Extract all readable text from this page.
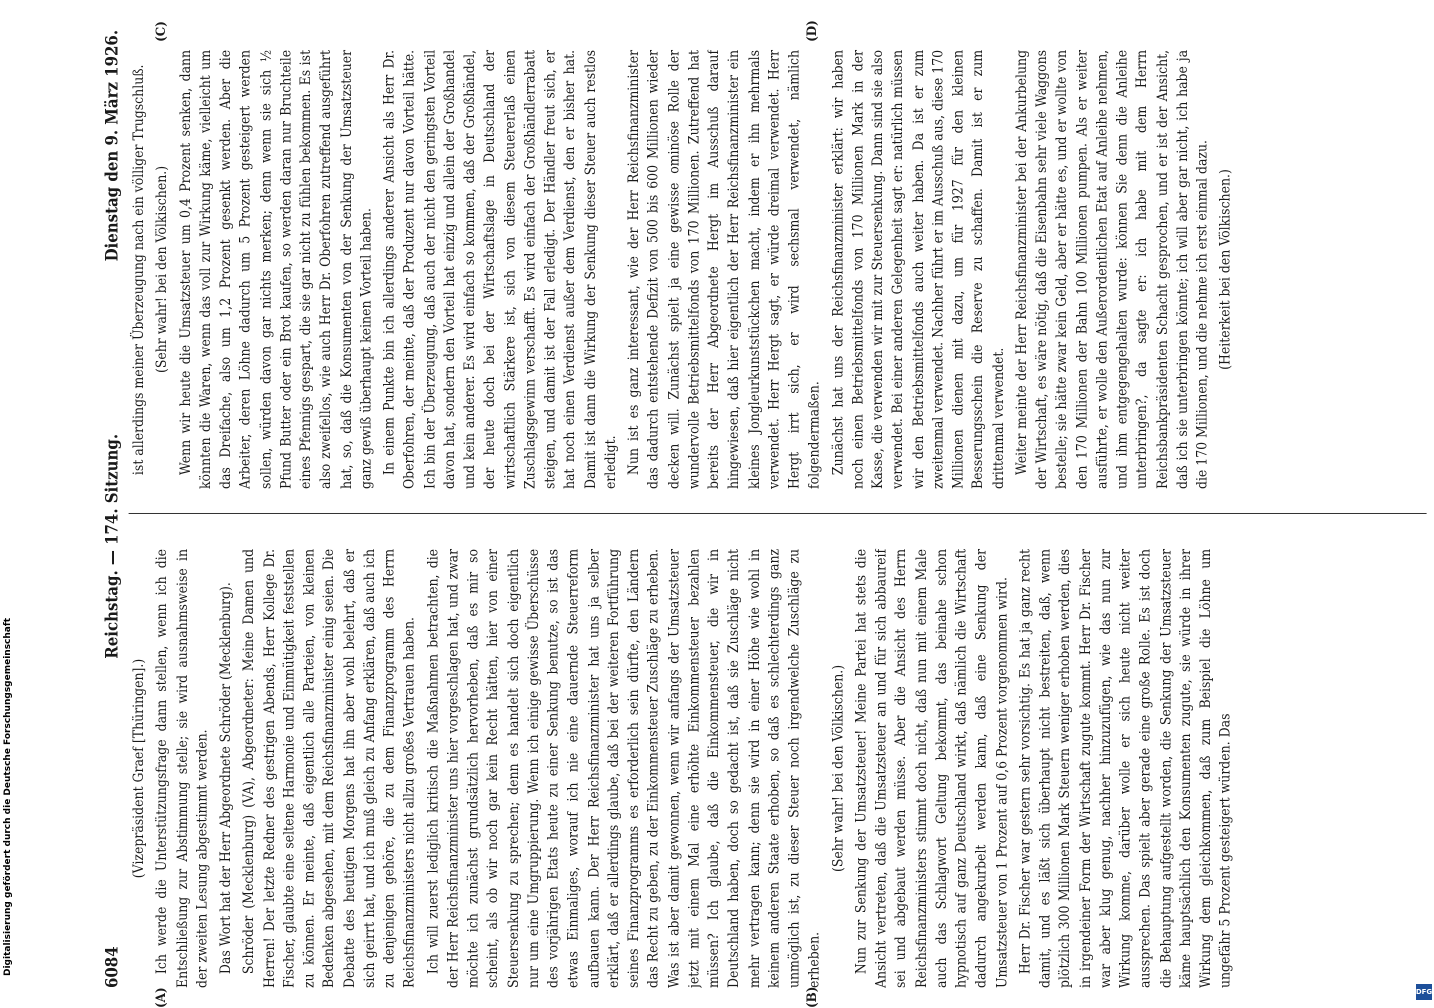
Digitalisierung gefördert durch die Deutsche Forschungsgemeinschaft
DFG
6084
Reichstag. — 174. Sitzung.
Dienstag den 9. März 1926.
(A)	(B)
(C)	(D)

(Vizepräsident Graef [Thüringen].) Ich werde die Unterstützungsfrage dann stellen, wenn ich die Entschließung zur Abstimmung stelle; sie wird ausnahmsweise in der zweiten Lesung abgestimmt werden. Das Wort hat der Herr Abgeordnete Schröder (Mecklenburg). Schröder (Mecklenburg) (VA), Abgeordneter: Meine Damen und Herren! Der letzte Redner des gestrigen Abends, Herr Kollege Dr. Fischer, glaubte eine seltene Harmonie und Einmütigkeit feststellen zu können. Er meinte, daß eigentlich alle Parteien, von kleinen Bedenken abgesehen, mit dem Reichsfinanzminister einig seien. Die Debatte des heutigen Morgens hat ihn aber wohl belehrt, daß er sich geirrt hat, und ich muß gleich zu Anfang erklären, daß auch ich zu denjenigen gehöre, die zu dem Finanzprogramm des Herrn Reichsfinanzministers nicht allzu großes Vertrauen haben. Ich will zuerst lediglich kritisch die Maßnahmen betrachten, die der Herr Reichsfinanzminister uns hier vorgeschlagen hat, und zwar möchte ich zunächst grundsätzlich hervorheben, daß es mir so scheint, als ob wir noch gar kein Recht hätten, hier von einer Steuersenkung zu sprechen; denn es handelt sich doch eigentlich nur um eine Umgruppierung. Wenn ich einige gewisse Überschüsse des vorjährigen Etats heute zu einer Senkung benutze, so ist das etwas Einmaliges, worauf ich nie eine dauernde Steuerreform aufbauen kann. Der Herr Reichsfinanzminister hat uns ja selber erklärt, daß er allerdings glaube, daß bei der weiteren Fortführung seines Finanzprogramms es erforderlich sein dürfte, den Ländern das Recht zu geben, zu der Einkommensteuer Zuschläge zu erheben. Was ist aber damit gewonnen, wenn wir anfangs der Umsatzsteuer jetzt mit einem Mal eine erhöhte Einkommensteuer bezahlen müssen? Ich glaube, daß die Einkommensteuer, die wir in Deutschland haben, doch so gedacht ist, daß sie Zuschläge nicht mehr vertragen kann; denn sie wird in einer Höhe wie wohl in keinem anderen Staate erhoben, so daß es schlechterdings ganz unmöglich ist, zu dieser Steuer noch irgendwelche Zuschläge zu erheben.

(Sehr wahr! bei den Völkischen.) Nun zur Senkung der Umsatzsteuer! Meine Partei hat stets die Ansicht vertreten, daß die Umsatzsteuer an und für sich abbaureif sei und abgebaut werden müsse. Aber die Ansicht des Herrn Reichsfinanzministers stimmt doch nicht, daß nun mit einem Male auch das Schlagwort Geltung bekommt, das beinahe schon hypnotisch auf ganz Deutschland wirkt, daß nämlich die Wirtschaft dadurch angekurbelt werden kann, daß eine Senkung der Umsatzsteuer von 1 Prozent auf 0,6 Prozent vorgenommen wird. Herr Dr. Fischer war gestern sehr vorsichtig. Es hat ja ganz recht damit, und es läßt sich überhaupt nicht bestreiten, daß, wenn plötzlich 300 Millionen Mark Steuern weniger erhoben werden, dies in irgendeiner Form der Wirtschaft zugute kommt. Herr Dr. Fischer war aber klug genug, nachher hinzuzufügen, wie das nun zur Wirkung komme, darüber wolle er sich heute nicht weiter aussprechen. Das spielt aber gerade eine große Rolle. Es ist doch die Behauptung aufgestellt worden, die Senkung der Umsatzsteuer käme hauptsächlich den Konsumenten zugute, sie würde in ihrer Wirkung dem gleichkommen, daß zum Beispiel die Löhne um ungefähr 5 Prozent gesteigert würden. Das

ist allerdings meiner Überzeugung nach ein völliger Trugschluß. (Sehr wahr! bei den Völkischen.) Wenn wir heute die Umsatzsteuer um 0,4 Prozent senken, dann könnten die Waren, wenn das voll zur Wirkung käme, vielleicht um das Dreifache, also um 1,2 Prozent gesenkt werden. Aber die Arbeiter, deren Löhne dadurch um 5 Prozent gesteigert werden sollen, würden davon gar nichts merken; denn wenn sie sich ½ Pfund Butter oder ein Brot kaufen, so werden daran nur Bruchteile eines Pfennigs gespart, die sie gar nicht zu fühlen bekommen. Es ist also zweifellos, wie auch Herr Dr. Oberfohren zutreffend ausgeführt hat, so, daß die Konsumenten von der Senkung der Umsatzsteuer ganz gewiß überhaupt keinen Vorteil haben. In einem Punkte bin ich allerdings anderer Ansicht als Herr Dr. Oberfohren, der meinte, daß der Produzent nur davon Vorteil hätte. Ich bin der Überzeugung, daß auch der nicht den geringsten Vorteil davon hat, sondern den Vorteil hat einzig und allein der Großhandel und kein anderer. Es wird einfach so kommen, daß der Großhändel, der heute doch bei der Wirtschaftslage in Deutschland der wirtschaftlich Stärkere ist, sich von diesem Steuererlaß einen Zuschlagsgewinn verschafft. Es wird einfach der Großhändlerrabatt steigen, und damit ist der Fall erledigt. Der Händler freut sich, er hat noch einen Verdienst außer dem Verdienst, den er bisher hat. Damit ist dann die Wirkung der Senkung dieser Steuer auch restlos erledigt. Nun ist es ganz interessant, wie der Herr Reichsfinanzminister das dadurch entstehende Defizit von 500 bis 600 Millionen wieder decken will. Zunächst spielt ja eine gewisse ominöse Rolle der wundervolle Betriebsmittelfonds von 170 Millionen. Zutreffend hat bereits der Herr Abgeordnete Hergt im Ausschuß darauf hingewiesen, daß hier eigentlich der Herr Reichsfinanzminister ein kleines Jongleurkunststückchen macht, indem er ihn mehrmals verwendet. Herr Hergt sagt, er würde dreimal verwendet. Herr Hergt irrt sich, er wird sechsmal verwendet, nämlich folgendermaßen. Zunächst hat uns der Reichsfinanzminister erklärt: wir haben noch einen Betriebsmittelfonds von 170 Millionen Mark in der Kasse, die verwenden wir mit zur Steuersenkung. Dann sind sie also verwendet. Bei einer anderen Gelegenheit sagt er: natürlich müssen wir den Betriebsmittelfonds auch weiter haben. Da ist er zum zweitenmal verwendet. Nachher führt er im Ausschuß aus, diese 170 Millionen dienen mit dazu, um für 1927 für den kleinen Besserungsschein die Reserve zu schaffen. Damit ist er zum drittenmal verwendet. Weiter meinte der Herr Reichsfinanzminister bei der Ankurbelung der Wirtschaft, es wäre nötig, daß die Eisenbahn sehr viele Waggons bestelle; sie hätte zwar kein Geld, aber er hätte es, und er wollte von den 170 Millionen der Bahn 100 Millionen pumpen. Als er weiter ausführte, er wolle den Außerordentlichen Etat auf Anleihe nehmen, und ihm entgegengehalten wurde: können Sie denn die Anleihe unterbringen?, da sagte er: ich habe mit dem Herrn Reichsbankpräsidenten Schacht gesprochen, und er ist der Ansicht, daß ich sie unterbringen könnte; ich will aber gar nicht, ich habe ja die 170 Millionen, und die nehme ich erst einmal dazu. (Heiterkeit bei den Völkischen.)
